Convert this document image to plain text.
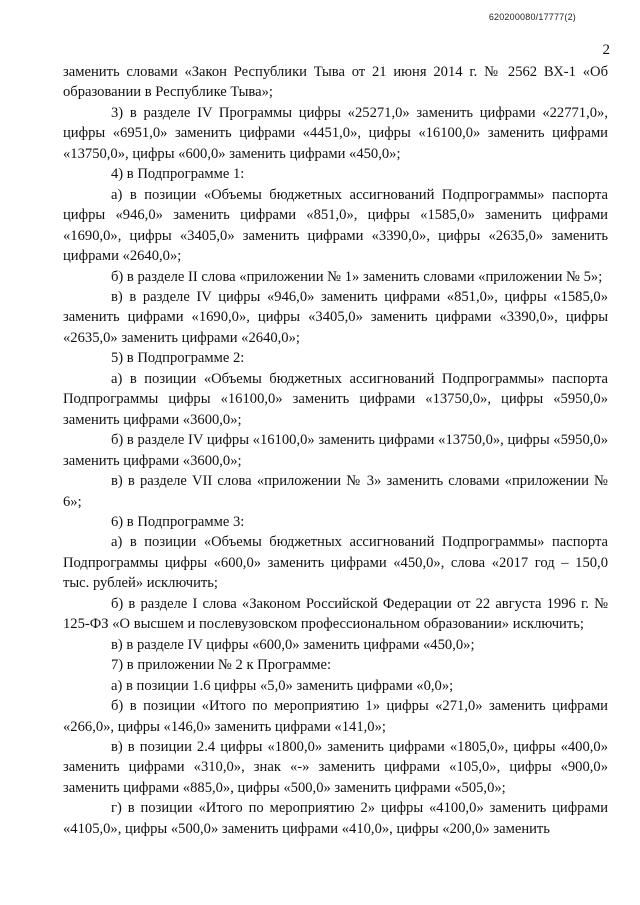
620200080/17777(2)
2

заменить словами «Закон Республики Тыва от 21 июня 2014 г. № 2562 ВХ-1 «Об образовании в Республике Тыва»;

3) в разделе IV Программы цифры «25271,0» заменить цифрами «22771,0», цифры «6951,0» заменить цифрами «4451,0», цифры «16100,0» заменить цифрами «13750,0», цифры «600,0» заменить цифрами «450,0»;

4) в Подпрограмме 1:

а) в позиции «Объемы бюджетных ассигнований Подпрограммы» паспорта цифры «946,0» заменить цифрами «851,0», цифры «1585,0» заменить цифрами «1690,0», цифры «3405,0» заменить цифрами «3390,0», цифры «2635,0» заменить цифрами «2640,0»;

б) в разделе II слова «приложении № 1» заменить словами «приложении № 5»;

в) в разделе IV цифры «946,0» заменить цифрами «851,0», цифры «1585,0» заменить цифрами «1690,0», цифры «3405,0» заменить цифрами «3390,0», цифры «2635,0» заменить цифрами «2640,0»;

5) в Подпрограмме 2:

а) в позиции «Объемы бюджетных ассигнований Подпрограммы» паспорта Подпрограммы цифры «16100,0» заменить цифрами «13750,0», цифры «5950,0» заменить цифрами «3600,0»;

б) в разделе IV цифры «16100,0» заменить цифрами «13750,0», цифры «5950,0» заменить цифрами «3600,0»;

в) в разделе VII слова «приложении № 3» заменить словами «приложении № 6»;

6) в Подпрограмме 3:

а) в позиции «Объемы бюджетных ассигнований Подпрограммы» паспорта Подпрограммы цифры «600,0» заменить цифрами «450,0», слова «2017 год – 150,0 тыс. рублей» исключить;

б) в разделе I слова «Законом Российской Федерации от 22 августа 1996 г. № 125-ФЗ «О высшем и послевузовском профессиональном образовании» исключить;

в) в разделе IV цифры «600,0» заменить цифрами «450,0»;

7) в приложении № 2 к Программе:

а) в позиции 1.6 цифры «5,0» заменить цифрами «0,0»;

б) в позиции «Итого по мероприятию 1» цифры «271,0» заменить цифрами «266,0», цифры «146,0» заменить цифрами «141,0»;

в) в позиции 2.4 цифры «1800,0» заменить цифрами «1805,0», цифры «400,0» заменить цифрами «310,0», знак «-» заменить цифрами «105,0», цифры «900,0» заменить цифрами «885,0», цифры «500,0» заменить цифрами «505,0»;

г) в позиции «Итого по мероприятию 2» цифры «4100,0» заменить цифрами «4105,0», цифры «500,0» заменить цифрами «410,0», цифры «200,0» заменить
